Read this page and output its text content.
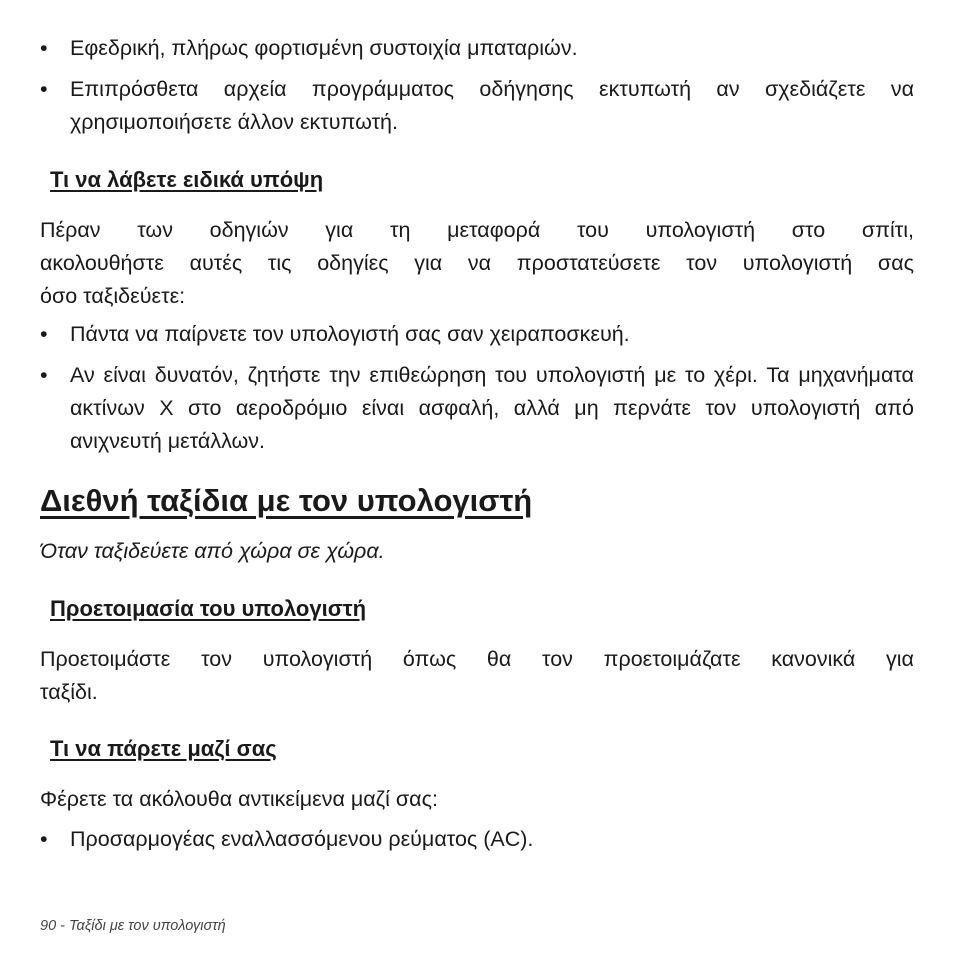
•	Εφεδρική, πλήρως φορτισμένη συστοιχία μπαταριών.
•	Επιπρόσθετα αρχεία προγράμματος οδήγησης εκτυπωτή αν σχεδιάζετε να χρησιμοποιήσετε άλλον εκτυπωτή.
Τι να λάβετε ειδικά υπόψη
Πέραν των οδηγιών για τη μεταφορά του υπολογιστή στο σπίτι,
ακολουθήστε αυτές τις οδηγίες για να προστατεύσετε τον υπολογιστή σας
όσο ταξιδεύετε:
•	Πάντα να παίρνετε τον υπολογιστή σας σαν χειραποσκευή.
•	Αν είναι δυνατόν, ζητήστε την επιθεώρηση του υπολογιστή με το χέρι. Τα μηχανήματα ακτίνων Χ στο αεροδρόμιο είναι ασφαλή, αλλά μη περνάτε τον υπολογιστή από ανιχνευτή μετάλλων.
Διεθνή ταξίδια με τον υπολογιστή
Όταν ταξιδεύετε από χώρα σε χώρα.
Προετοιμασία του υπολογιστή
Προετοιμάστε τον υπολογιστή όπως θα τον προετοιμάζατε κανονικά για
ταξίδι.
Τι να πάρετε μαζί σας
Φέρετε τα ακόλουθα αντικείμενα μαζί σας:
•	Προσαρμογέας εναλλασσόμενου ρεύματος (AC).
90 - Ταξίδι με τον υπολογιστή
